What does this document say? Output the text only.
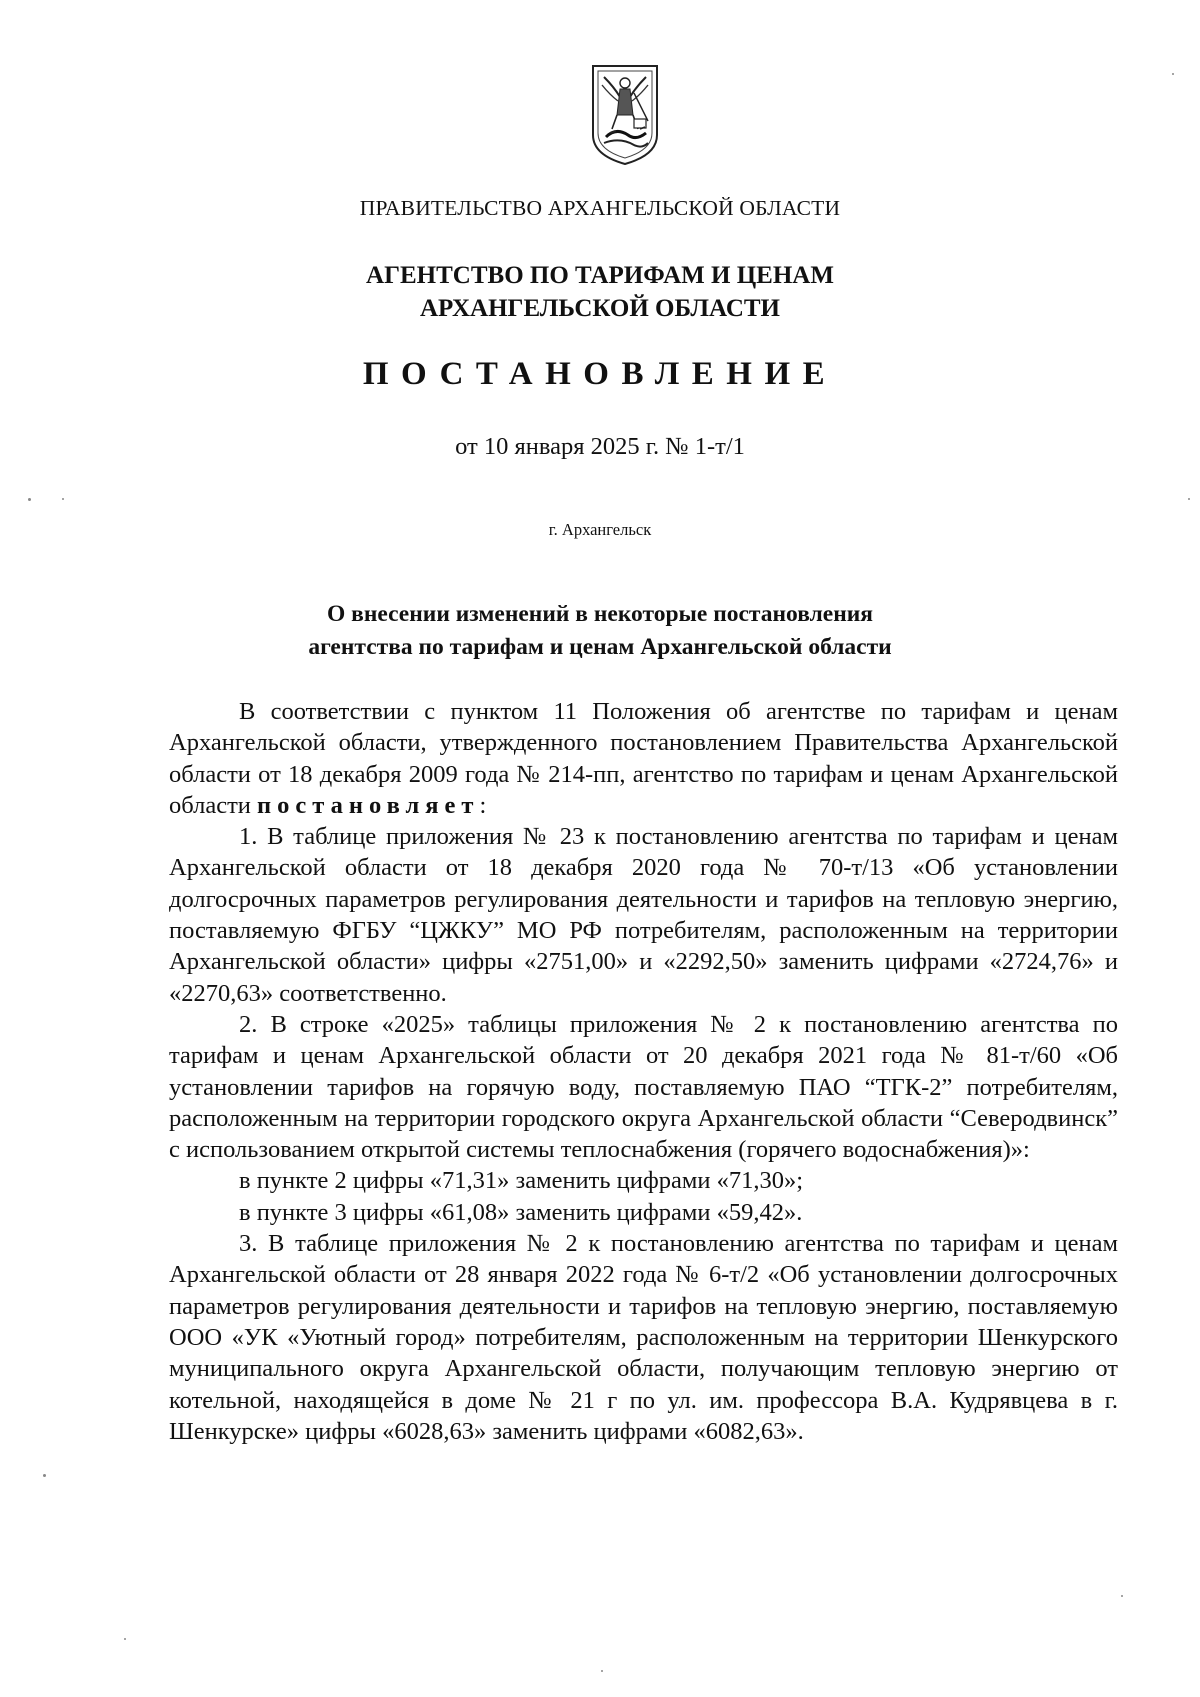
ПРАВИТЕЛЬСТВО АРХАНГЕЛЬСКОЙ ОБЛАСТИ
АГЕНТСТВО ПО ТАРИФАМ И ЦЕНАМ
АРХАНГЕЛЬСКОЙ ОБЛАСТИ
ПОСТАНОВЛЕНИЕ
от 10 января 2025 г. № 1-т/1
г. Архангельск
О внесении изменений в некоторые постановления
агентства по тарифам и ценам Архангельской области

В соответствии с пунктом 11 Положения об агентстве по тарифам и ценам Архангельской области, утвержденного постановлением Правительства Архангельской области от 18 декабря 2009 года № 214-пп, агентство по тарифам и ценам Архангельской области постановляет:

1. В таблице приложения № 23 к постановлению агентства по тарифам и ценам Архангельской области от 18 декабря 2020 года № 70-т/13 «Об установлении долгосрочных параметров регулирования деятельности и тарифов на тепловую энергию, поставляемую ФГБУ “ЦЖКУ” МО РФ потребителям, расположенным на территории Архангельской области» цифры «2751,00» и «2292,50» заменить цифрами «2724,76» и «2270,63» соответственно.

2. В строке «2025» таблицы приложения № 2 к постановлению агентства по тарифам и ценам Архангельской области от 20 декабря 2021 года № 81-т/60 «Об установлении тарифов на горячую воду, поставляемую ПАО “ТГК-2” потребителям, расположенным на территории городского округа Архангельской области “Северодвинск” с использованием открытой системы теплоснабжения (горячего водоснабжения)»:

в пункте 2 цифры «71,31» заменить цифрами «71,30»;

в пункте 3 цифры «61,08» заменить цифрами «59,42».

3. В таблице приложения № 2 к постановлению агентства по тарифам и ценам Архангельской области от 28 января 2022 года № 6-т/2 «Об установлении долгосрочных параметров регулирования деятельности и тарифов на тепловую энергию, поставляемую ООО «УК «Уютный город» потребителям, расположенным на территории Шенкурского муниципального округа Архангельской области, получающим тепловую энергию от котельной, находящейся в доме № 21 г по ул. им. профессора В.А. Кудрявцева в г. Шенкурске» цифры «6028,63» заменить цифрами «6082,63».
